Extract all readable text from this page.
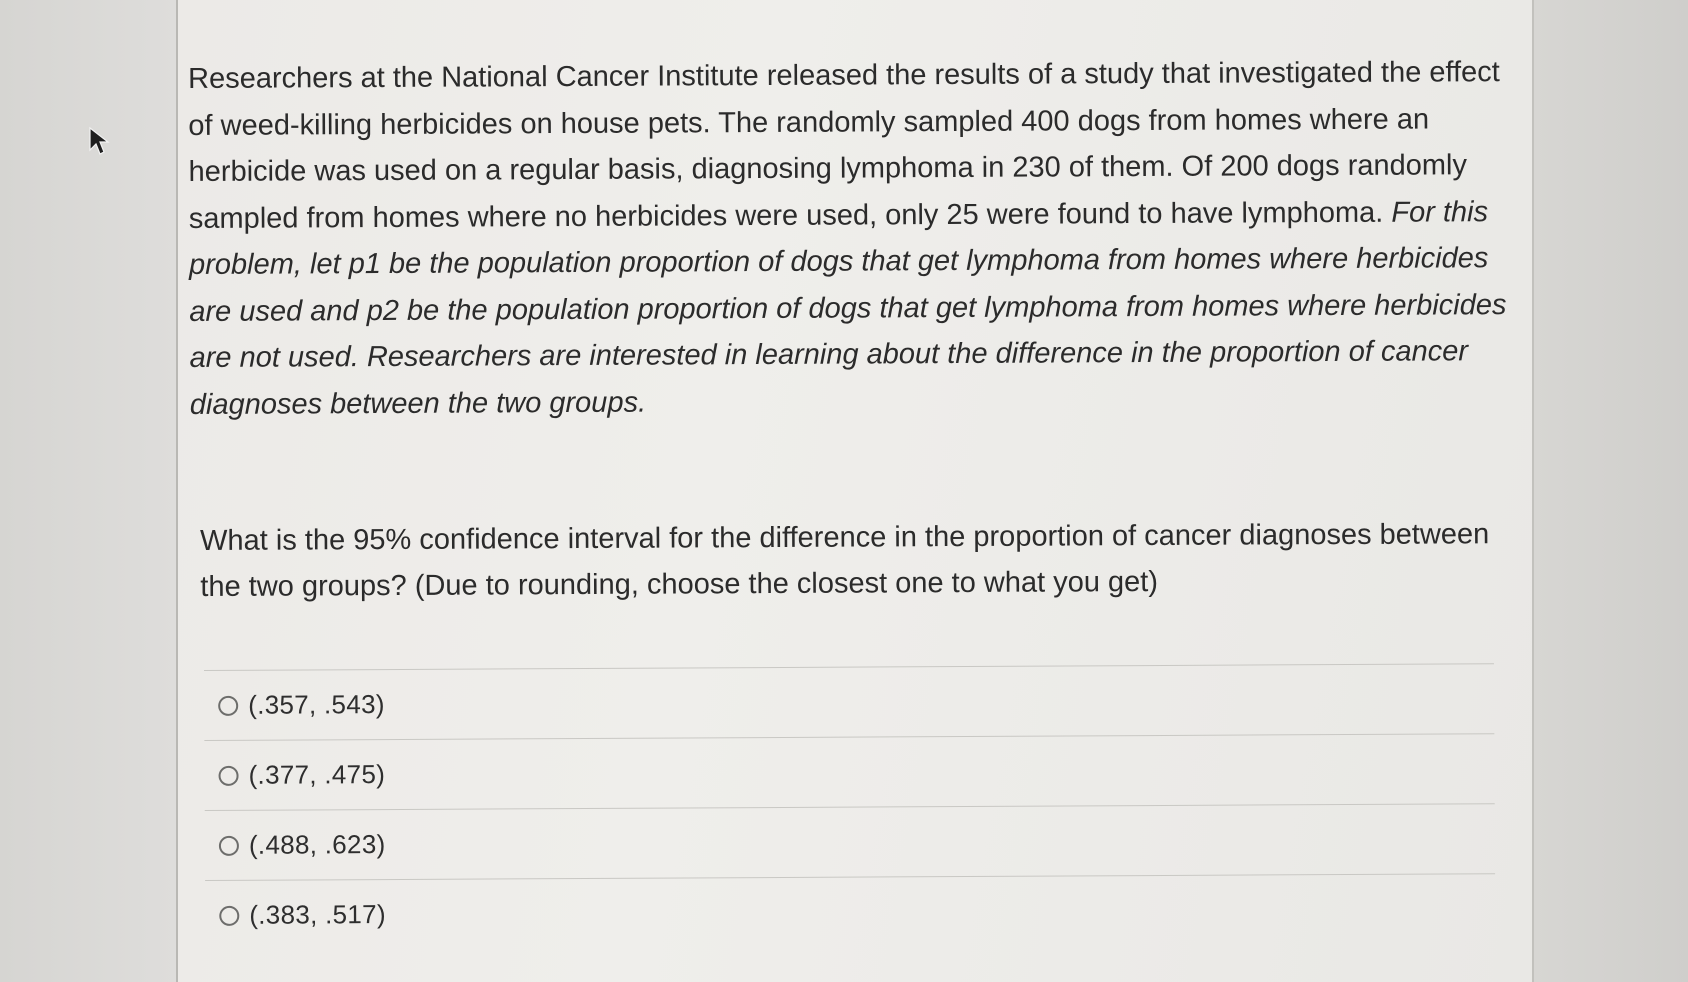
Researchers at the National Cancer Institute released the results of a study that investigated the effect of weed-killing herbicides on house pets. The randomly sampled 400 dogs from homes where an herbicide was used on a regular basis, diagnosing lymphoma in 230 of them. Of 200 dogs randomly sampled from homes where no herbicides were used, only 25 were found to have lymphoma. For this problem, let p1 be the population proportion of dogs that get lymphoma from homes where herbicides are used and p2 be the population proportion of dogs that get lymphoma from homes where herbicides are not used. Researchers are interested in learning about the difference in the proportion of cancer diagnoses between the two groups.

What is the 95% confidence interval for the difference in the proportion of cancer diagnoses between the two groups? (Due to rounding, choose the closest one to what you get)

(.357, .543)
(.377, .475)
(.488, .623)
(.383, .517)
